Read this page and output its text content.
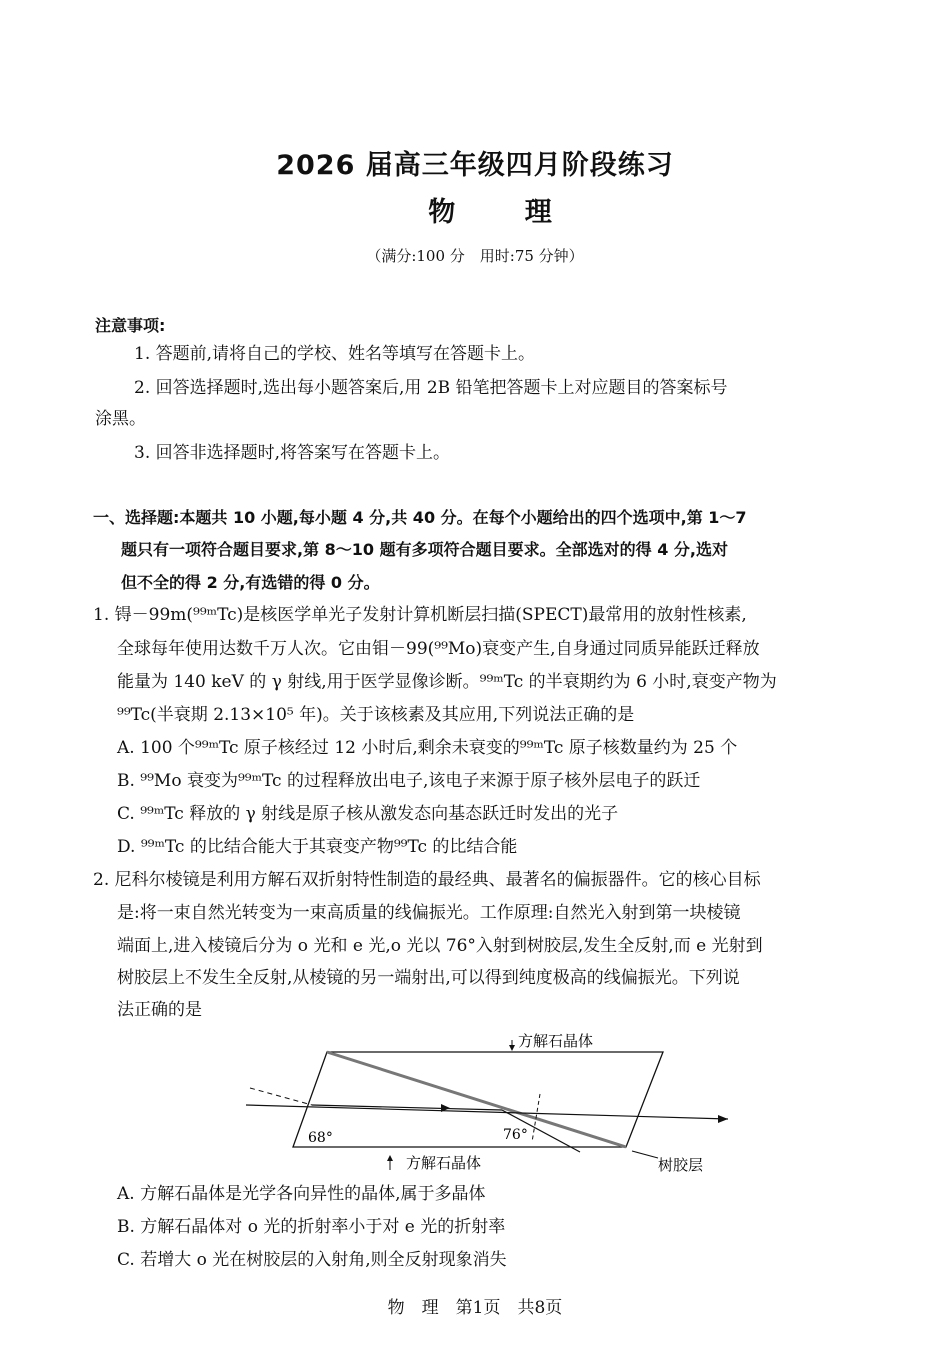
2026 届高三年级四月阶段练习
物 理
（满分:100 分　用时:75 分钟）
注意事项:
1. 答题前,请将自己的学校、姓名等填写在答题卡上。
2. 回答选择题时,选出每小题答案后,用 2B 铅笔把答题卡上对应题目的答案标号
涂黑。
3. 回答非选择题时,将答案写在答题卡上。
一、选择题:本题共 10 小题,每小题 4 分,共 40 分。在每个小题给出的四个选项中,第 1～7
题只有一项符合题目要求,第 8～10 题有多项符合题目要求。全部选对的得 4 分,选对
但不全的得 2 分,有选错的得 0 分。
1. 锝－99m(⁹⁹ᵐTc)是核医学单光子发射计算机断层扫描(SPECT)最常用的放射性核素,
全球每年使用达数千万人次。它由钼－99(⁹⁹Mo)衰变产生,自身通过同质异能跃迁释放
能量为 140 keV 的 γ 射线,用于医学显像诊断。⁹⁹ᵐTc 的半衰期约为 6 小时,衰变产物为
⁹⁹Tc(半衰期 2.13×10⁵ 年)。关于该核素及其应用,下列说法正确的是
A. 100 个⁹⁹ᵐTc 原子核经过 12 小时后,剩余未衰变的⁹⁹ᵐTc 原子核数量约为 25 个
B. ⁹⁹Mo 衰变为⁹⁹ᵐTc 的过程释放出电子,该电子来源于原子核外层电子的跃迁
C. ⁹⁹ᵐTc 释放的 γ 射线是原子核从激发态向基态跃迁时发出的光子
D. ⁹⁹ᵐTc 的比结合能大于其衰变产物⁹⁹Tc 的比结合能
2. 尼科尔棱镜是利用方解石双折射特性制造的最经典、最著名的偏振器件。它的核心目标
是:将一束自然光转变为一束高质量的线偏振光。工作原理:自然光入射到第一块棱镜
端面上,进入棱镜后分为 o 光和 e 光,o 光以 76°入射到树胶层,发生全反射,而 e 光射到
树胶层上不发生全反射,从棱镜的另一端射出,可以得到纯度极高的线偏振光。下列说
法正确的是
方解石晶体
方解石晶体	树胶层
68°	76°
A. 方解石晶体是光学各向异性的晶体,属于多晶体
B. 方解石晶体对 o 光的折射率小于对 e 光的折射率
C. 若增大 o 光在树胶层的入射角,则全反射现象消失
物　理　第1页　共8页
